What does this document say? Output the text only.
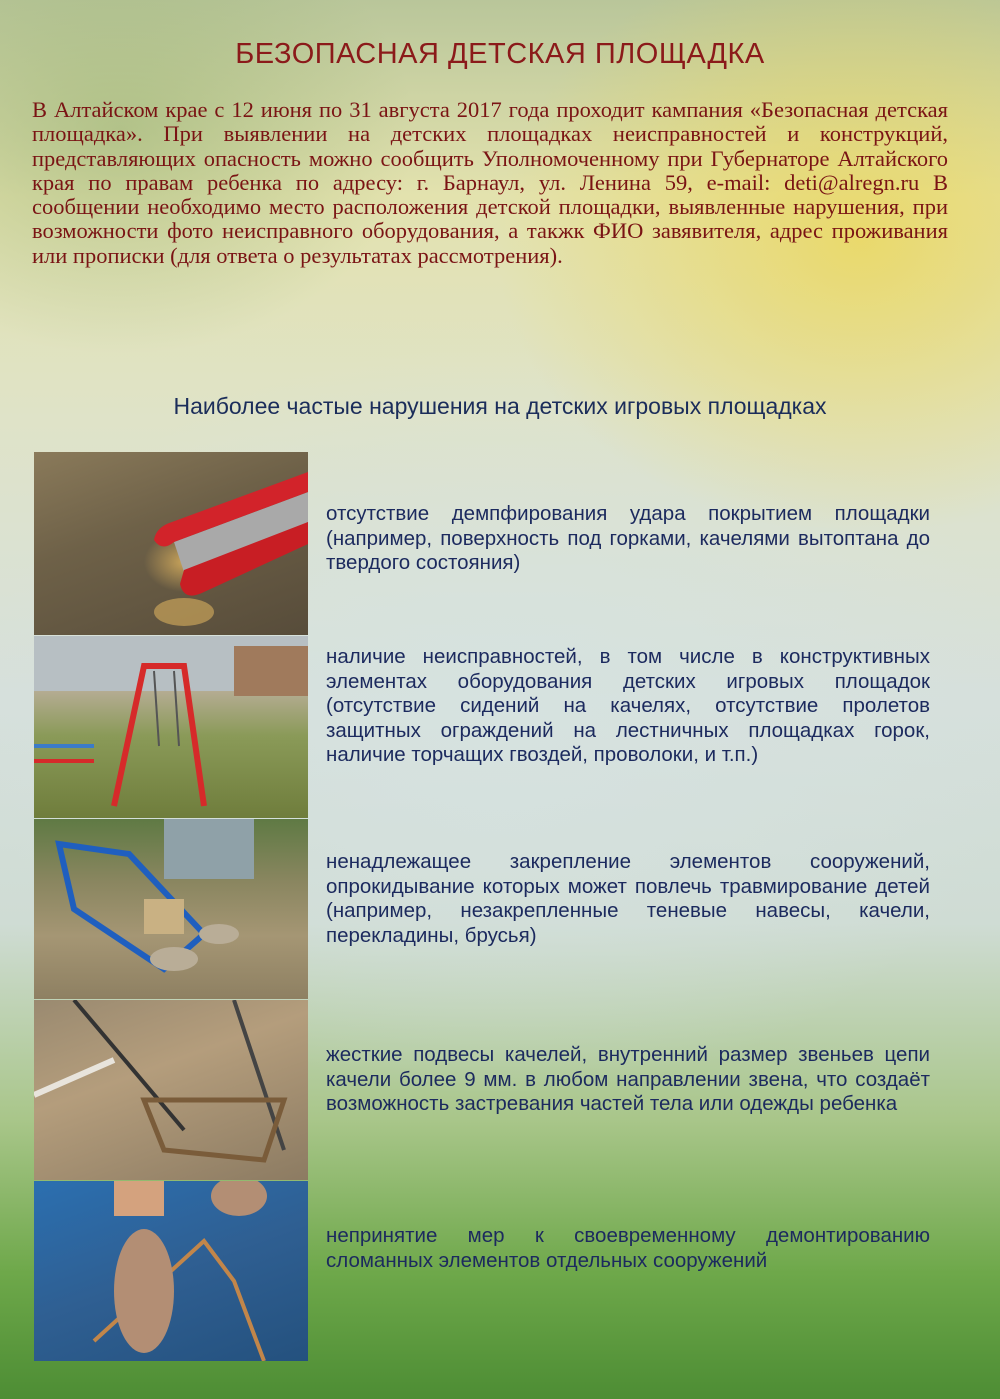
БЕЗОПАСНАЯ ДЕТСКАЯ ПЛОЩАДКА

В Алтайском крае с 12 июня по 31 августа 2017 года проходит кампания «Безопасная детская площадка». При выявлении на детских площадках неисправностей и конструкций, представляющих опасность можно сообщить Уполномоченному при Губернаторе Алтайского края по правам ребенка по адресу: г. Барнаул, ул. Ленина 59, e-mail: deti@alregn.ru В сообщении необходимо место расположения детской площадки, выявленные нарушения, при возможности фото неисправного оборудования, а такжк ФИО завявителя, адрес проживания или прописки (для ответа о результатах рассмотрения).

Наиболее частые нарушения на детских игровых площадках

отсутствие демпфирования удара покрытием площадки (например, поверхность под горками, качелями вытоптана до твердого состояния)

наличие неисправностей, в том числе в конструктивных элементах оборудования детских игровых площадок (отсутствие сидений на качелях, отсутствие пролетов защитных ограждений на лестничных площадках горок, наличие торчащих гвоздей, проволоки, и т.п.)

ненадлежащее закрепление элементов сооружений, опрокидывание которых может повлечь травмирование детей (например, незакрепленные теневые навесы, качели, перекладины, брусья)

жесткие подвесы качелей, внутренний размер звеньев цепи качели более 9 мм. в любом направлении звена, что создаёт возможность застревания частей тела или одежды ребенка

непринятие мер к своевременному демонтированию сломанных элементов отдельных сооружений
